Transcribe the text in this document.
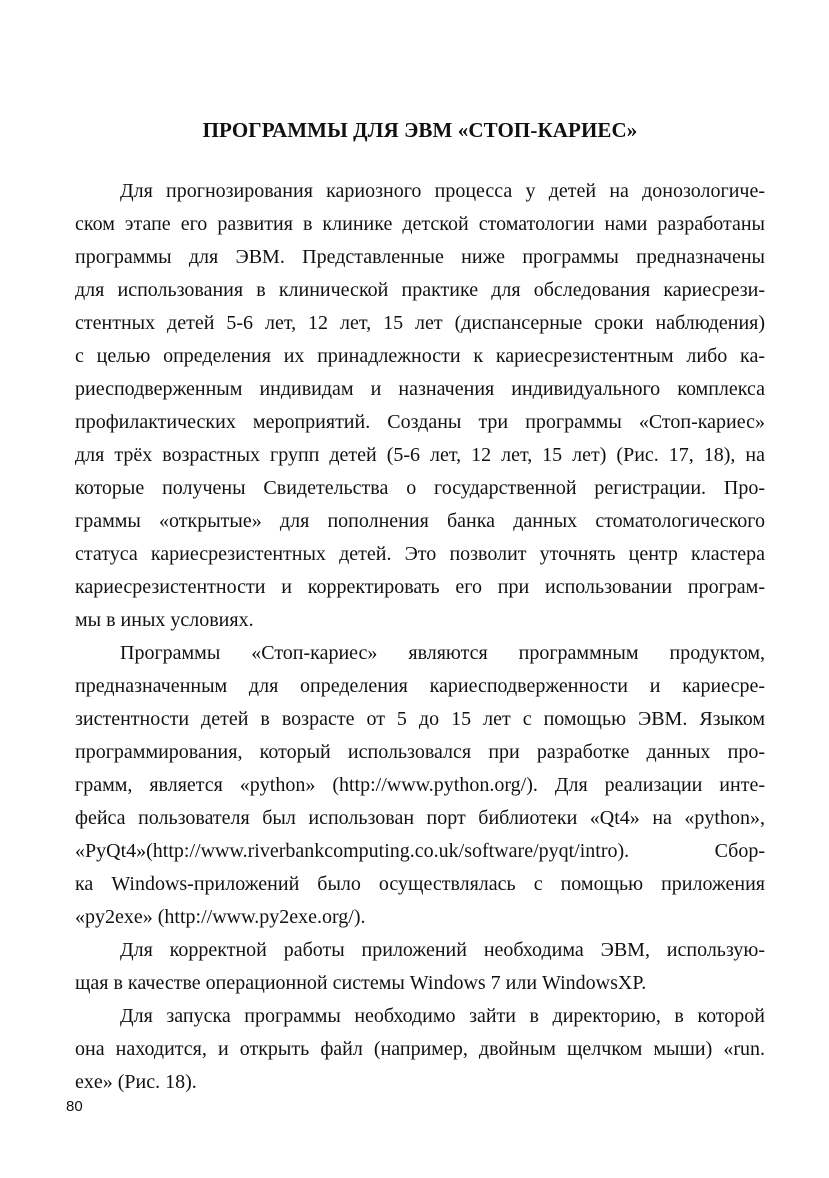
ПРОГРАММЫ ДЛЯ ЭВМ «СТОП-КАРИЕС»

Для прогнозирования кариозного процесса у детей на донозологиче-
ском этапе его развития в клинике детской стоматологии нами разработаны
программы для ЭВМ. Представленные ниже программы предназначены
для использования в клинической практике для обследования кариесрези-
стентных детей 5-6 лет, 12 лет, 15 лет (диспансерные сроки наблюдения)
с целью определения их принадлежности к кариесрезистентным либо ка-
риесподверженным индивидам и назначения индивидуального комплекса
профилактических мероприятий. Созданы три программы «Стоп-кариес»
для трёх возрастных групп детей (5-6 лет, 12 лет, 15 лет) (Рис. 17, 18), на
которые получены Свидетельства о государственной регистрации. Про-
граммы «открытые» для пополнения банка данных стоматологического
статуса кариесрезистентных детей. Это позволит уточнять центр кластера
кариесрезистентности и корректировать его при использовании програм-
мы в иных условиях.

Программы «Стоп-кариес» являются программным продуктом,
предназначенным для определения кариесподверженности и кариесре-
зистентности детей в возрасте от 5 до 15 лет с помощью ЭВМ. Языком
программирования, который использовался при разработке данных про-
грамм, является «python» (http://www.python.org/). Для реализации инте-
фейса пользователя был использован порт библиотеки «Qt4» на «python»,
«PyQt4»(http://www.riverbankcomputing.co.uk/software/pyqt/intro). Сбор-
ка Windows-приложений было осуществлялась с помощью приложения
«py2exe» (http://www.py2exe.org/).

Для корректной работы приложений необходима ЭВМ, использую-
щая в качестве операционной системы Windows 7 или WindowsXP.

Для запуска программы необходимо зайти в директорию, в которой
она находится, и открыть файл (например, двойным щелчком мыши) «run.
exe» (Рис. 18).

80
